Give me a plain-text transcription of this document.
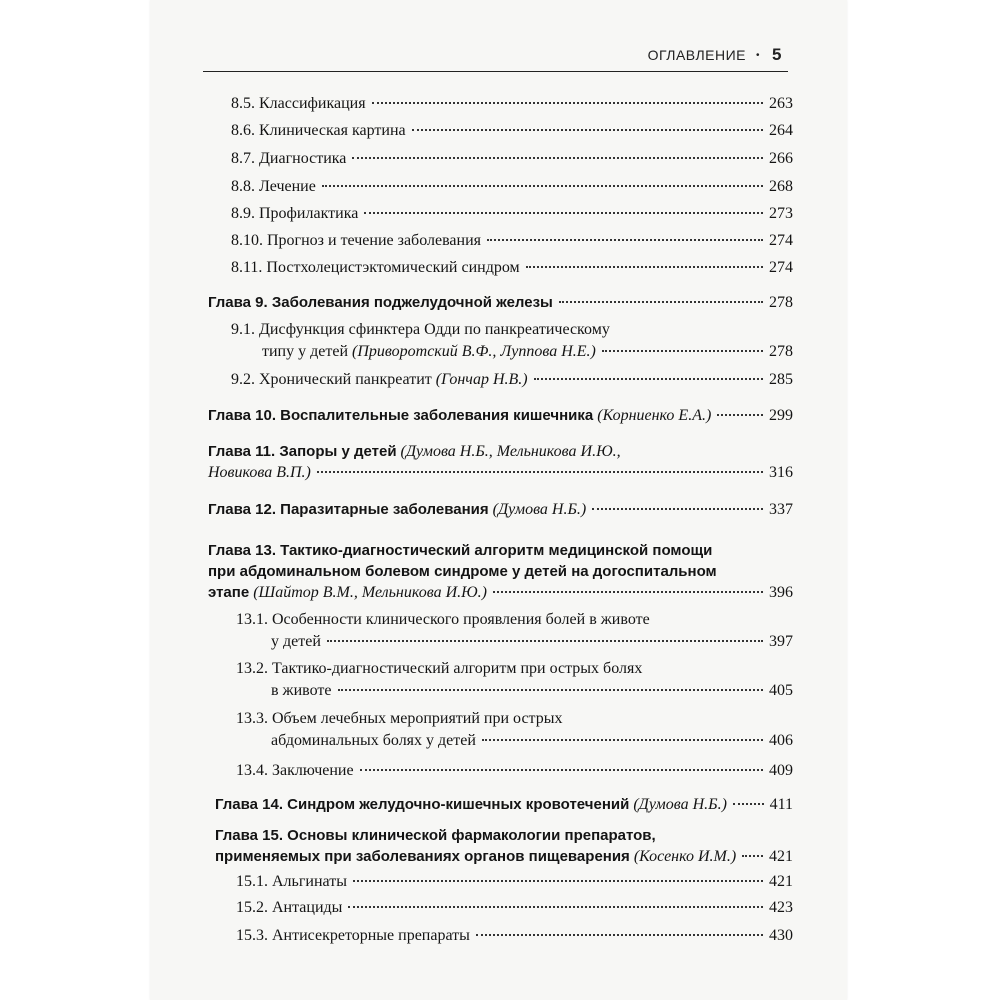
ОГЛАВЛЕНИЕ • 5
8.5. Классификация	263
8.6. Клиническая картина	264
8.7. Диагностика	266
8.8. Лечение	268
8.9. Профилактика	273
8.10. Прогноз и течение заболевания	274
8.11. Постхолецистэктомический синдром	274
Глава 9. Заболевания поджелудочной железы	278
9.1. Дисфункция сфинктера Одди по панкреатическому
типу у детей (Приворотский В.Ф., Луппова Н.Е.)	278
9.2. Хронический панкреатит (Гончар Н.В.)	285
Глава 10. Воспалительные заболевания кишечника (Корниенко Е.А.)	299
Глава 11. Запоры у детей (Думова Н.Б., Мельникова И.Ю.,
Новикова В.П.)	316
Глава 12. Паразитарные заболевания (Думова Н.Б.)	337
Глава 13. Тактико-диагностический алгоритм медицинской помощи
при абдоминальном болевом синдроме у детей на догоспитальном
этапе (Шайтор В.М., Мельникова И.Ю.)	396
13.1. Особенности клинического проявления болей в животе
у детей	397
13.2. Тактико-диагностический алгоритм при острых болях
в животе	405
13.3. Объем лечебных мероприятий при острых
абдоминальных болях у детей	406
13.4. Заключение	409
Глава 14. Синдром желудочно-кишечных кровотечений (Думова Н.Б.)	411
Глава 15. Основы клинической фармакологии препаратов,
применяемых при заболеваниях органов пищеварения (Косенко И.М.) 421
15.1. Альгинаты	421
15.2. Антациды	423
15.3. Антисекреторные препараты	430
